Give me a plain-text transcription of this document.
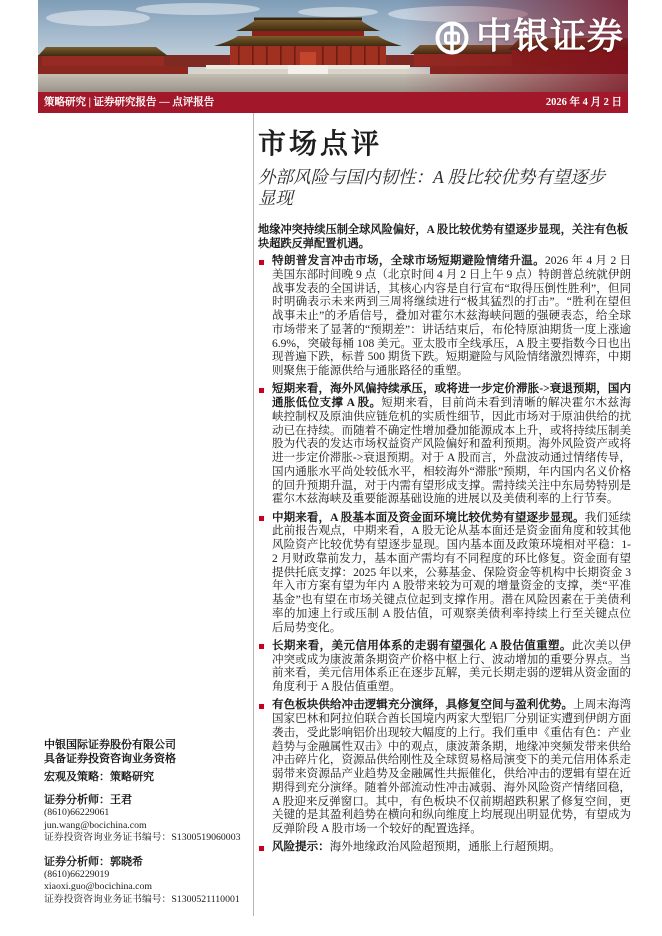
中银证券
策略研究 | 证券研究报告 — 点评报告	2026 年 4 月 2 日
市场点评
外部风险与国内韧性：A 股比较优势有望逐步显现
地缘冲突持续压制全球风险偏好，A 股比较优势有望逐步显现，关注有色板块超跌反弹配置机遇。
特朗普发言冲击市场，全球市场短期避险情绪升温。2026 年 4 月 2 日美国东部时间晚 9 点（北京时间 4 月 2 日上午 9 点）特朗普总统就伊朗战事发表的全国讲话，其核心内容是自行宣布“取得压倒性胜利”，但同时明确表示未来两到三周将继续进行“极其猛烈的打击”。“胜利在望但战事未止”的矛盾信号，叠加对霍尔木兹海峡问题的强硬表态，给全球市场带来了显著的“预期差”：讲话结束后，布伦特原油期货一度上涨逾 6.9%，突破每桶 108 美元。亚太股市全线承压，A 股主要指数今日也出现普遍下跌，标普 500 期货下跌。短期避险与风险情绪激烈博弈，中期则聚焦于能源供给与通胀路径的重塑。
短期来看，海外风偏持续承压，或将进一步定价滞胀->衰退预期，国内通胀低位支撑 A 股。短期来看，目前尚未看到清晰的解决霍尔木兹海峡控制权及原油供应链危机的实质性细节，因此市场对于原油供给的扰动已在持续。而随着不确定性增加叠加能源成本上升，或将持续压制美股为代表的发达市场权益资产风险偏好和盈利预期。海外风险资产或将进一步定价滞胀->衰退预期。对于 A 股而言，外盘波动通过情绪传导，国内通胀水平尚处较低水平，相较海外“滞胀”预期，年内国内名义价格的回升预期升温，对于内需有望形成支撑。需持续关注中东局势特别是霍尔木兹海峡及重要能源基础设施的进展以及美债利率的上行节奏。
中期来看，A 股基本面及资金面环境比较优势有望逐步显现。我们延续此前报告观点，中期来看，A 股无论从基本面还是资金面角度和较其他风险资产比较优势有望逐步显现。国内基本面及政策环境相对平稳：1-2 月财政靠前发力，基本面产需均有不同程度的环比修复。资金面有望提供托底支撑：2025 年以来，公募基金、保险资金等机构中长期资金 3 年入市方案有望为年内 A 股带来较为可观的增量资金的支撑，类“平准基金”也有望在市场关键点位起到支撑作用。潜在风险因素在于美债利率的加速上行或压制 A 股估值，可观察美债利率持续上行至关键点位后局势变化。
长期来看，美元信用体系的走弱有望强化 A 股估值重塑。此次美以伊冲突或成为康波萧条期资产价格中枢上行、波动增加的重要分界点。当前来看，美元信用体系正在逐步瓦解，美元长期走弱的逻辑从资金面的角度利于 A 股估值重塑。
有色板块供给冲击逻辑充分演绎，具修复空间与盈利优势。上周末海湾国家巴林和阿拉伯联合酋长国境内两家大型铝厂分别证实遭到伊朗方面袭击，受此影响铝价出现较大幅度的上行。我们重申《重估有色：产业趋势与金融属性双击》中的观点，康波萧条期，地缘冲突频发带来供给冲击碎片化，资源品供给刚性及全球贸易格局演变下的美元信用体系走弱带来资源品产业趋势及金融属性共振催化，供给冲击的逻辑有望在近期得到充分演绎。随着外部流动性冲击减弱、海外风险资产情绪回稳，A 股迎来反弹窗口。其中，有色板块不仅前期超跌积累了修复空间，更关键的是其盈利趋势在横向和纵向维度上均展现出明显优势，有望成为反弹阶段 A 股市场一个较好的配置选择。
风险提示：海外地缘政治风险超预期，通胀上行超预期。
中银国际证券股份有限公司
具备证券投资咨询业务资格
宏观及策略：策略研究
证券分析师：王君
(8610)66229061
jun.wang@bocichina.com
证券投资咨询业务证书编号：S1300519060003
证券分析师：郭晓希
(8610)66229019
xiaoxi.guo@bocichina.com
证券投资咨询业务证书编号：S1300521110001
